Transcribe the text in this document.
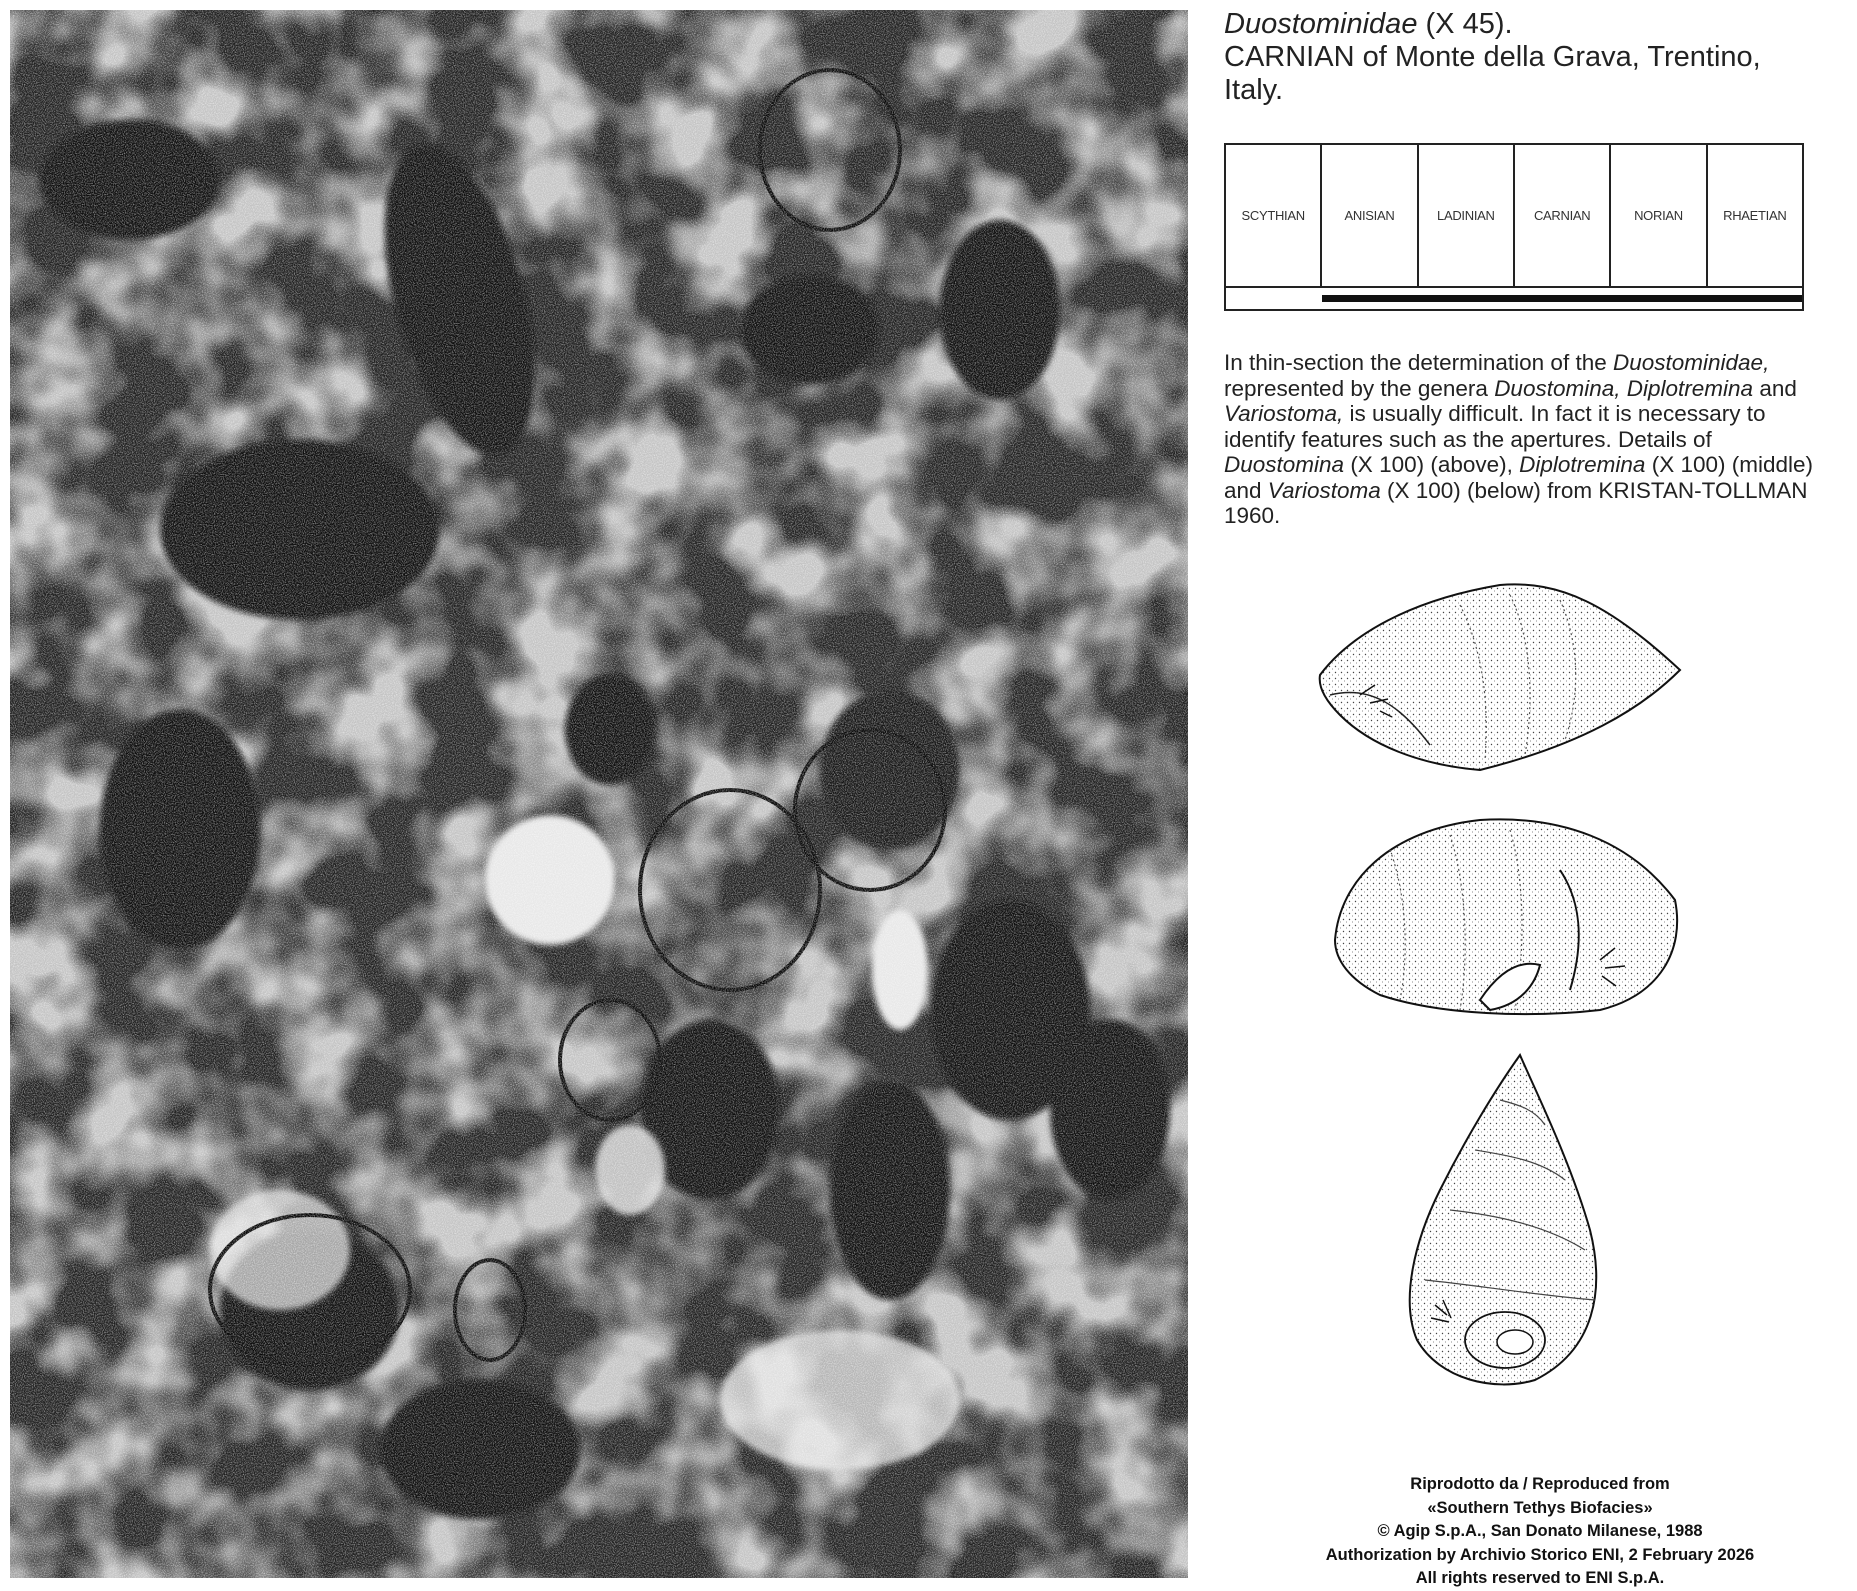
Duostominidae (X 45).
CARNIAN of Monte della Grava, Trentino,
Italy.
SCYTHIAN	ANISIAN	LADINIAN	CARNIAN	NORIAN	RHAETIAN
In thin-section the determination of the Duostominidae, represented by the genera Duostomina, Diplotremina and Variostoma, is usually difficult. In fact it is necessary to identify features such as the apertures. Details of Duostomina (X 100) (above), Diplotremina (X 100) (middle) and Variostoma (X 100) (below) from KRISTAN-TOLLMAN 1960.
Riprodotto da / Reproduced from
«Southern Tethys Biofacies»
© Agip S.p.A., San Donato Milanese, 1988
Authorization by Archivio Storico ENI, 2 February 2026
All rights reserved to ENI S.p.A.
